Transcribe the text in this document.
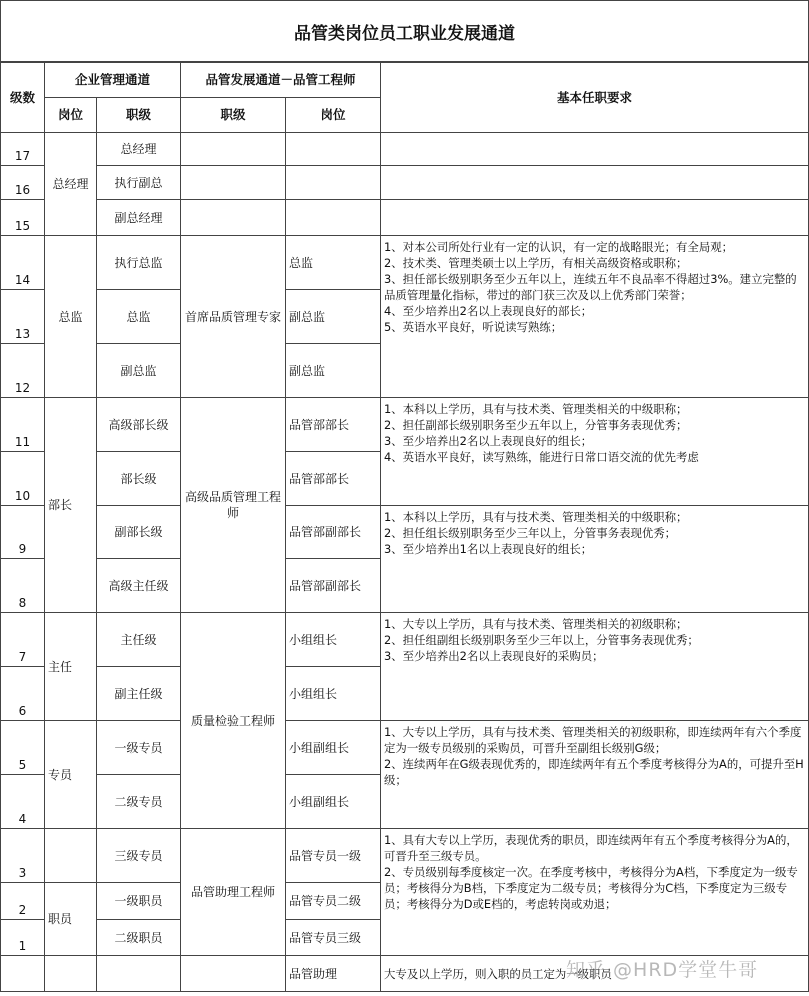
品管类岗位员工职业发展通道
级数	企业管理通道		品管发展通道－品管工程师		基本任职要求
	岗位	职级	职级	岗位	
17	总经理	总经理			
16		执行副总			
15		副总经理			
14	总监	执行总监	首席品质管理专家	总监	1、对本公司所处行业有一定的认识，有一定的战略眼光；有全局观；
2、技术类、管理类硕士以上学历，有相关高级资格或职称；
3、担任部长级别职务至少五年以上，连续五年不良品率不得超过3%。建立完整的品质管理量化指标，带过的部门获三次及以上优秀部门荣誉；
4、至少培养出2名以上表现良好的部长；
5、英语水平良好，听说读写熟练；
13		总监		副总监	
12		副总监		副总监	
11	部长	高级部长级	高级品质管理工程师	品管部部长	1、本科以上学历，具有与技术类、管理类相关的中级职称；
2、担任副部长级别职务至少五年以上，分管事务表现优秀；
3、至少培养出2名以上表现良好的组长；
4、英语水平良好，读写熟练，能进行日常口语交流的优先考虑
10		部长级		品管部部长	
9		副部长级		品管部副部长	1、本科以上学历，具有与技术类、管理类相关的中级职称；
2、担任组长级别职务至少三年以上，分管事务表现优秀；
3、至少培养出1名以上表现良好的组长；
8		高级主任级		品管部副部长	
7	主任	主任级	质量检验工程师	小组组长	1、大专以上学历，具有与技术类、管理类相关的初级职称；
2、担任组副组长级别职务至少三年以上，分管事务表现优秀；
3、至少培养出2名以上表现良好的采购员；
6		副主任级		小组组长	
5	专员	一级专员		小组副组长	1、大专以上学历，具有与技术类、管理类相关的初级职称，即连续两年有六个季度定为一级专员级别的采购员，可晋升至副组长级别G级；
2、连续两年在G级表现优秀的，即连续两年有五个季度考核得分为A的，可提升至H级；
4		二级专员		小组副组长	
3		三级专员	品管助理工程师	品管专员一级	1、具有大专以上学历，表现优秀的职员，即连续两年有五个季度考核得分为A的，可晋升至三级专员。
2、专员级别每季度核定一次。在季度考核中，考核得分为A档，下季度定为一级专员；考核得分为B档，下季度定为二级专员；考核得分为C档，下季度定为三级专员；考核得分为D或E档的，考虑转岗或劝退；
2	职员	一级职员		品管专员二级	
1		二级职员		品管专员三级	
				品管助理	大专及以上学历，则入职的员工定为一级职员
知乎 @HRD学堂牛哥
